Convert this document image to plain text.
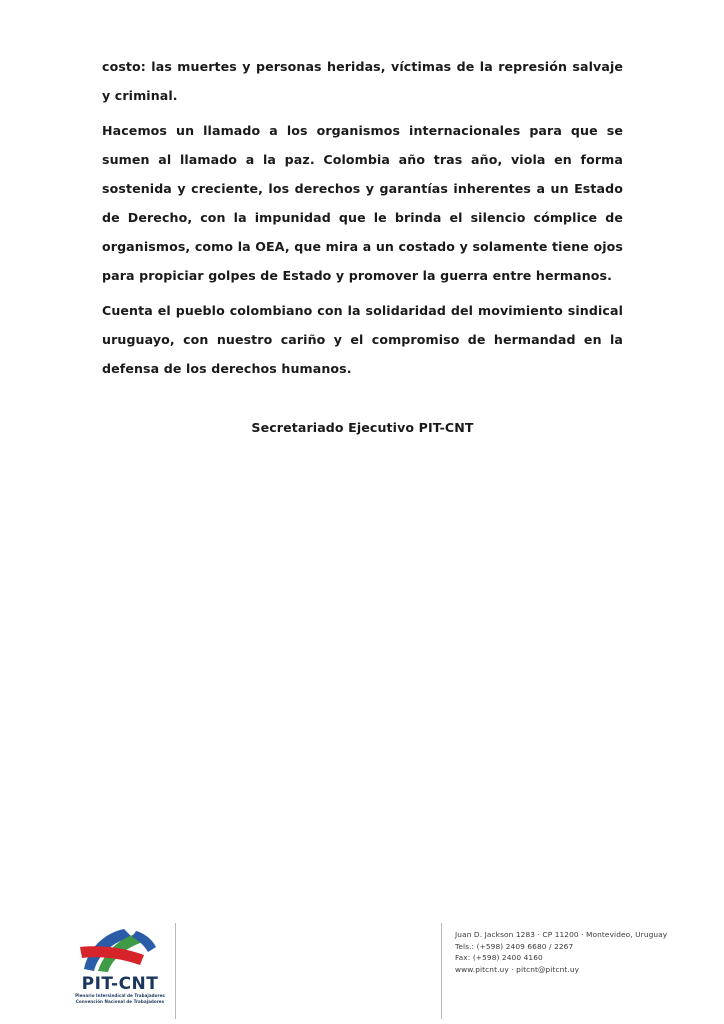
costo: las muertes y personas heridas, víctimas de la represión salvaje y criminal.

Hacemos un llamado a los organismos internacionales para que se sumen al llamado a la paz. Colombia año tras año, viola en forma sostenida y creciente, los derechos y garantías inherentes a un Estado de Derecho, con la impunidad que le brinda el silencio cómplice de organismos, como la OEA, que mira a un costado y solamente tiene ojos para propiciar golpes de Estado y promover la guerra entre hermanos.

Cuenta el pueblo colombiano con la solidaridad del movimiento sindical uruguayo, con nuestro cariño y el compromiso de hermandad en la defensa de los derechos humanos.

Secretariado Ejecutivo PIT-CNT
PIT-CNT
Plenario Intersindical de Trabajadores
Convención Nacional de Trabajadores
Juan D. Jackson 1283 · CP 11200 · Montevideo, Uruguay
Tels.: (+598) 2409 6680 / 2267
Fax: (+598) 2400 4160
www.pitcnt.uy · pitcnt@pitcnt.uy
